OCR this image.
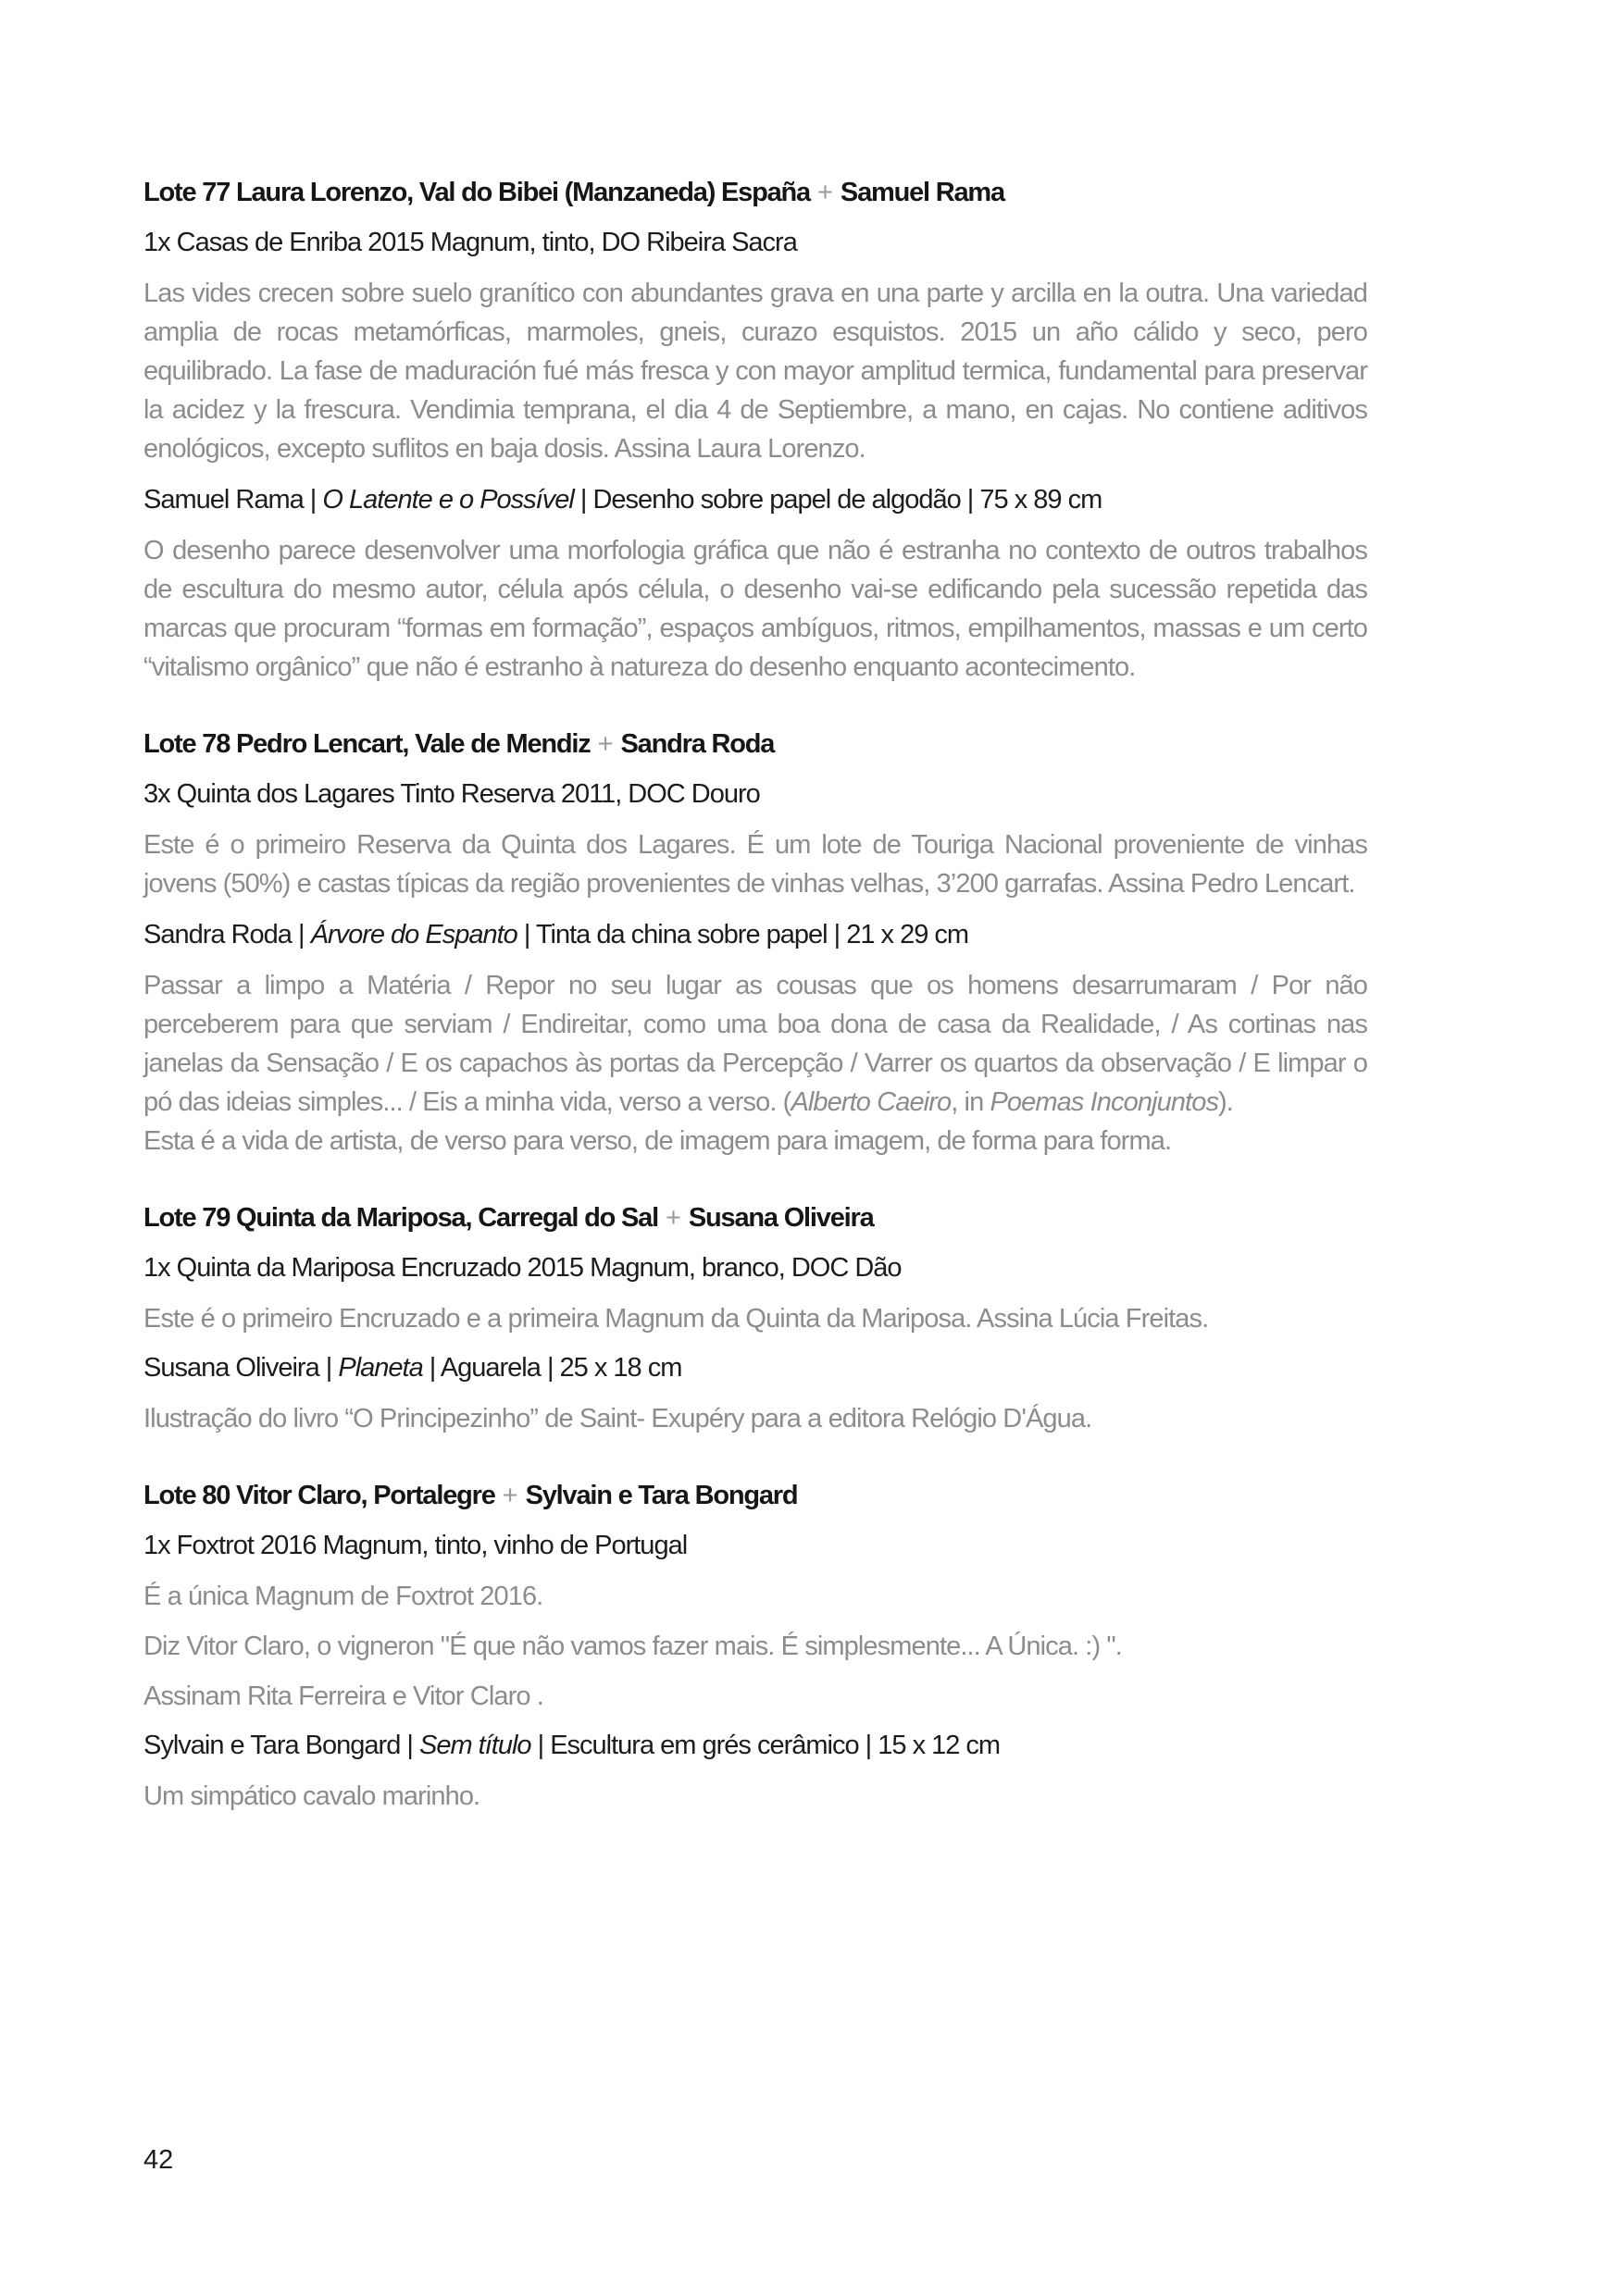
Lote 77 Laura Lorenzo, Val do Bibei (Manzaneda) España + Samuel Rama

1x Casas de Enriba 2015 Magnum, tinto, DO Ribeira Sacra

Las vides crecen sobre suelo granítico con abundantes grava en una parte y arcilla en la outra. Una variedad amplia de rocas metamórficas, marmoles, gneis, curazo esquistos. 2015 un año cálido y seco, pero equilibrado. La fase de maduración fué más fresca y con mayor amplitud termica, fundamental para preservar la acidez y la frescura. Vendimia temprana, el dia 4 de Septiembre, a mano, en cajas. No contiene aditivos enológicos, excepto suflitos en baja dosis. Assina Laura Lorenzo.

Samuel Rama | O Latente e o Possível | Desenho sobre papel de algodão | 75 x 89 cm

O desenho parece desenvolver uma morfologia gráfica que não é estranha no contexto de outros trabalhos de escultura do mesmo autor, célula após célula, o desenho vai-se edificando pela sucessão repetida das marcas que procuram “formas em formação”, espaços ambíguos, ritmos, empilhamentos, massas e um certo “vitalismo orgânico” que não é estranho à natureza do desenho enquanto acontecimento.

Lote 78 Pedro Lencart, Vale de Mendiz + Sandra Roda

3x Quinta dos Lagares Tinto Reserva 2011, DOC Douro

Este é o primeiro Reserva da Quinta dos Lagares. É um lote de Touriga Nacional proveniente de vinhas jovens (50%) e castas típicas da região provenientes de vinhas velhas, 3’200 garrafas. Assina Pedro Lencart.

Sandra Roda | Árvore do Espanto | Tinta da china sobre papel | 21 x 29 cm

Passar a limpo a Matéria / Repor no seu lugar as cousas que os homens desarrumaram / Por não perceberem para que serviam / Endireitar, como uma boa dona de casa da Realidade, / As cortinas nas janelas da Sensação / E os capachos às portas da Percepção / Varrer os quartos da observação / E limpar o pó das ideias simples... / Eis a minha vida, verso a verso. (Alberto Caeiro, in Poemas Inconjuntos).

Esta é a vida de artista, de verso para verso, de imagem para imagem, de forma para forma.

Lote 79 Quinta da Mariposa, Carregal do Sal + Susana Oliveira

1x Quinta da Mariposa Encruzado 2015 Magnum, branco, DOC Dão

Este é o primeiro Encruzado e a primeira Magnum da Quinta da Mariposa. Assina Lúcia Freitas.

Susana Oliveira | Planeta | Aguarela | 25 x 18 cm

Ilustração do livro “O Principezinho” de Saint- Exupéry para a editora Relógio D'Água.

Lote 80 Vitor Claro, Portalegre + Sylvain e Tara Bongard

1x Foxtrot 2016 Magnum, tinto, vinho de Portugal

É a única Magnum de Foxtrot 2016.

Diz Vitor Claro, o vigneron "É que não vamos fazer mais. É simplesmente... A Única. :) ".

Assinam Rita Ferreira e Vitor Claro .

Sylvain e Tara Bongard | Sem título | Escultura em grés cerâmico | 15 x 12 cm

Um simpático cavalo marinho.

42
